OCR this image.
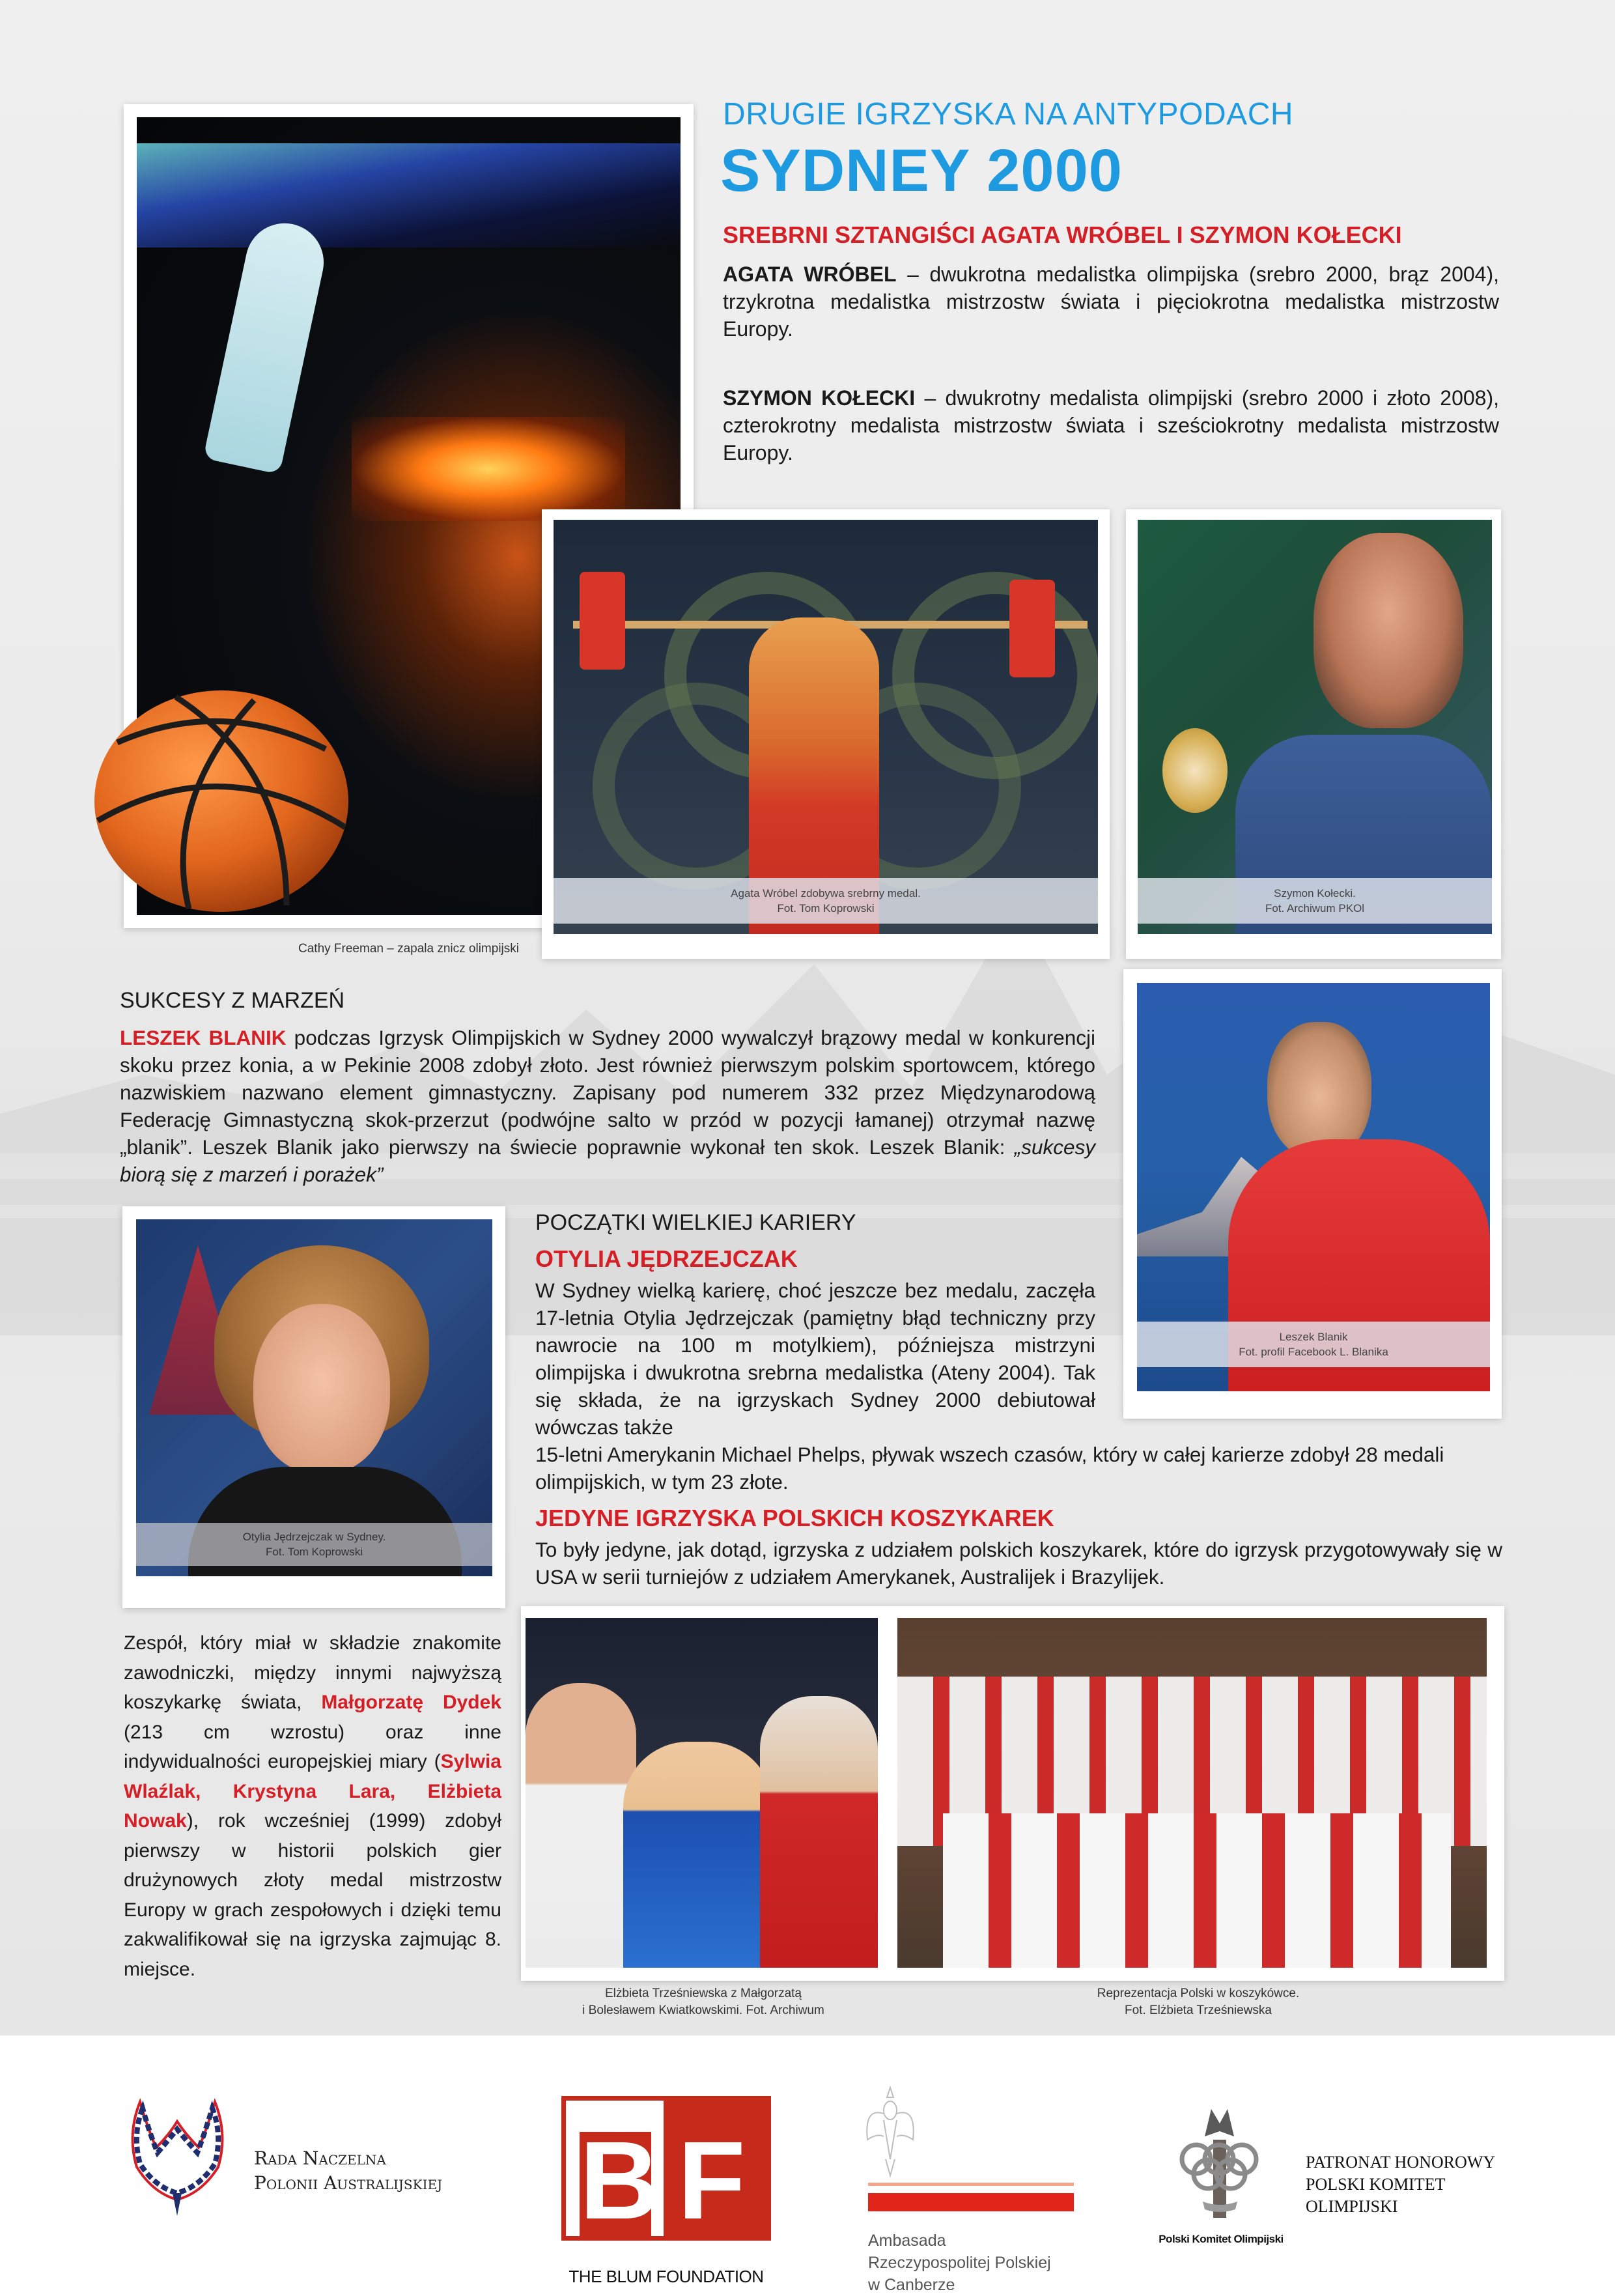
Cathy Freeman – zapala znicz olimpijski
DRUGIE IGRZYSKA NA ANTYPODACH
SYDNEY 2000
SREBRNI SZTANGIŚCI AGATA WRÓBEL I SZYMON KOŁECKI

AGATA WRÓBEL – dwukrotna medalistka olimpijska (srebro 2000, brąz 2004), trzykrotna medalistka mistrzostw świata i pięciokrotna medalistka mistrzostw Europy.

SZYMON KOŁECKI – dwukrotny medalista olimpijski (srebro 2000 i złoto 2008), czterokrotny medalista mistrzostw świata i sześciokrotny medalista mistrzostw Europy.

Agata Wróbel zdobywa srebrny medal.
Fot. Tom Koprowski
Szymon Kołecki.
Fot. Archiwum PKOl
SUKCESY Z MARZEŃ

LESZEK BLANIK podczas Igrzysk Olimpijskich w Sydney 2000 wywalczył brązowy medal w konkurencji skoku przez konia, a w Pekinie 2008 zdobył złoto. Jest również pierwszym polskim sportowcem, którego nazwiskiem nazwano element gimnastyczny. Zapisany pod numerem 332 przez Międzynarodową Federację Gimnastyczną skok-przerzut (podwójne salto w przód w pozycji łamanej) otrzymał nazwę „blanik”. Leszek Blanik jako pierwszy na świecie poprawnie wykonał ten skok. Leszek Blanik: „sukcesy biorą się z marzeń i porażek”

Leszek Blanik
Fot. profil Facebook L. Blanika
Otylia Jędrzejczak w Sydney.
Fot. Tom Koprowski
POCZĄTKI WIELKIEJ KARIERY
OTYLIA JĘDRZEJCZAK

W Sydney wielką karierę, choć jeszcze bez medalu, zaczęła 17-letnia Otylia Jędrzejczak (pamiętny błąd techniczny przy nawrocie na 100 m motylkiem), późniejsza mistrzyni olimpijska i dwukrotna srebrna medalistka (Ateny 2004). Tak się składa, że na igrzyskach Sydney 2000 debiutował wówczas także

15-letni Amerykanin Michael Phelps, pływak wszech czasów, który w całej karierze zdobył 28 medali olimpijskich, w tym 23 złote.

JEDYNE IGRZYSKA POLSKICH KOSZYKAREK

To były jedyne, jak dotąd, igrzyska z udziałem polskich koszykarek, które do igrzysk przygotowywały się w USA w serii turniejów z udziałem Amerykanek, Australijek i Brazylijek.

Zespół, który miał w składzie znakomite zawodniczki, między innymi najwyższą koszykarkę świata, Małgorzatę Dydek (213 cm wzrostu) oraz inne indywidualności europejskiej miary (Sylwia Wlaźlak, Krystyna Lara, Elżbieta Nowak), rok wcześniej (1999) zdobył pierwszy w historii polskich gier drużynowych złoty medal mistrzostw Europy w grach zespołowych i dzięki temu zakwalifikował się na igrzyska zajmując 8. miejsce.

Elżbieta Trześniewska z Małgorzatą
i Bolesławem Kwiatkowskimi. Fot. Archiwum
Reprezentacja Polski w koszykówce.
Fot. Elżbieta Trześniewska
Rada Naczelna
Polonii Australijskiej BF
THE BLUM FOUNDATION
Ambasada
Rzeczypospolitej Polskiej
w Canberze
Polski Komitet Olimpijski
PATRONAT HONOROWY
POLSKI KOMITET
OLIMPIJSKI
